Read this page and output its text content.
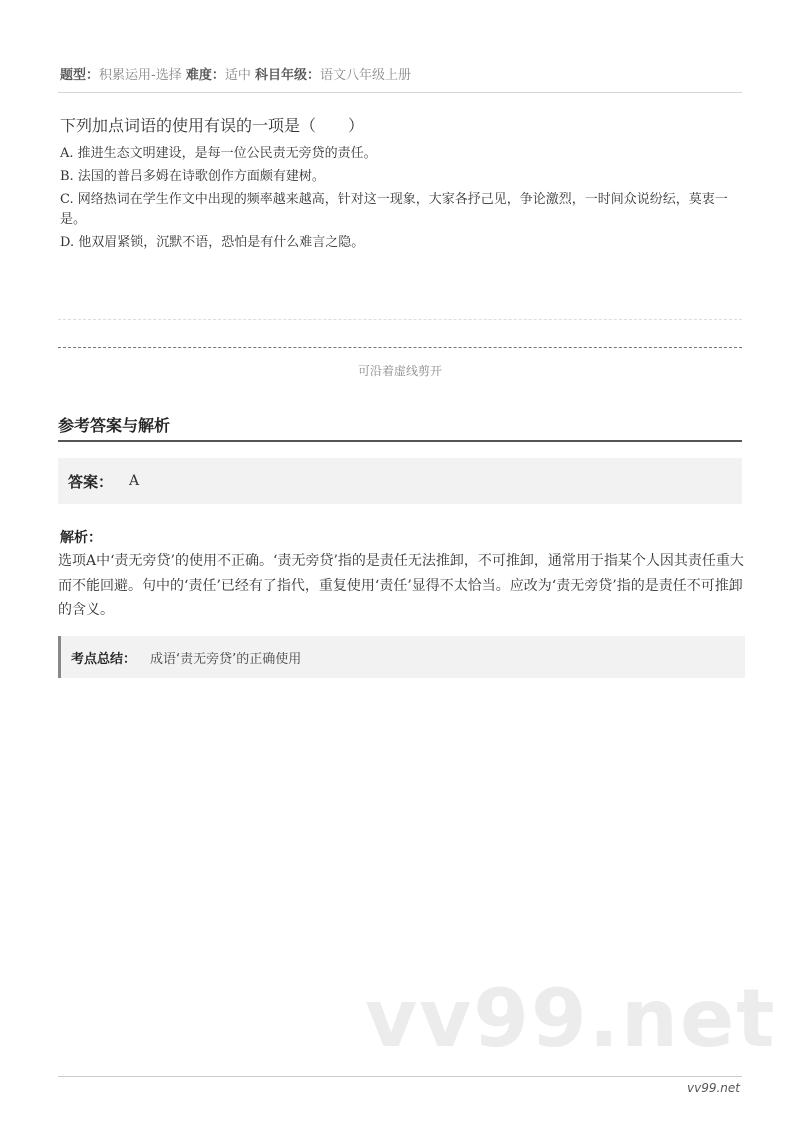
题型：积累运用-选择 难度：适中 科目年级：语文八年级上册
下列加点词语的使用有误的一项是（　　）
A. 推进生态文明建设，是每一位公民责无旁贷的责任。
B. 法国的普吕多姆在诗歌创作方面颇有建树。
C. 网络热词在学生作文中出现的频率越来越高，针对这一现象，大家各抒己见，争论激烈，一时间众说纷纭，莫衷一是。
D. 他双眉紧锁，沉默不语，恐怕是有什么难言之隐。
可沿着虚线剪开
参考答案与解析
答案： A
解析：
选项A中‘责无旁贷’的使用不正确。‘责无旁贷’指的是责任无法推卸，不可推卸，通常用于指某个人因其责任重大而不能回避。句中的‘责任’已经有了指代，重复使用‘责任’显得不太恰当。应改为‘责无旁贷’指的是责任不可推卸的含义。
考点总结： 成语‘责无旁贷’的正确使用
vv99.net
vv99.net
